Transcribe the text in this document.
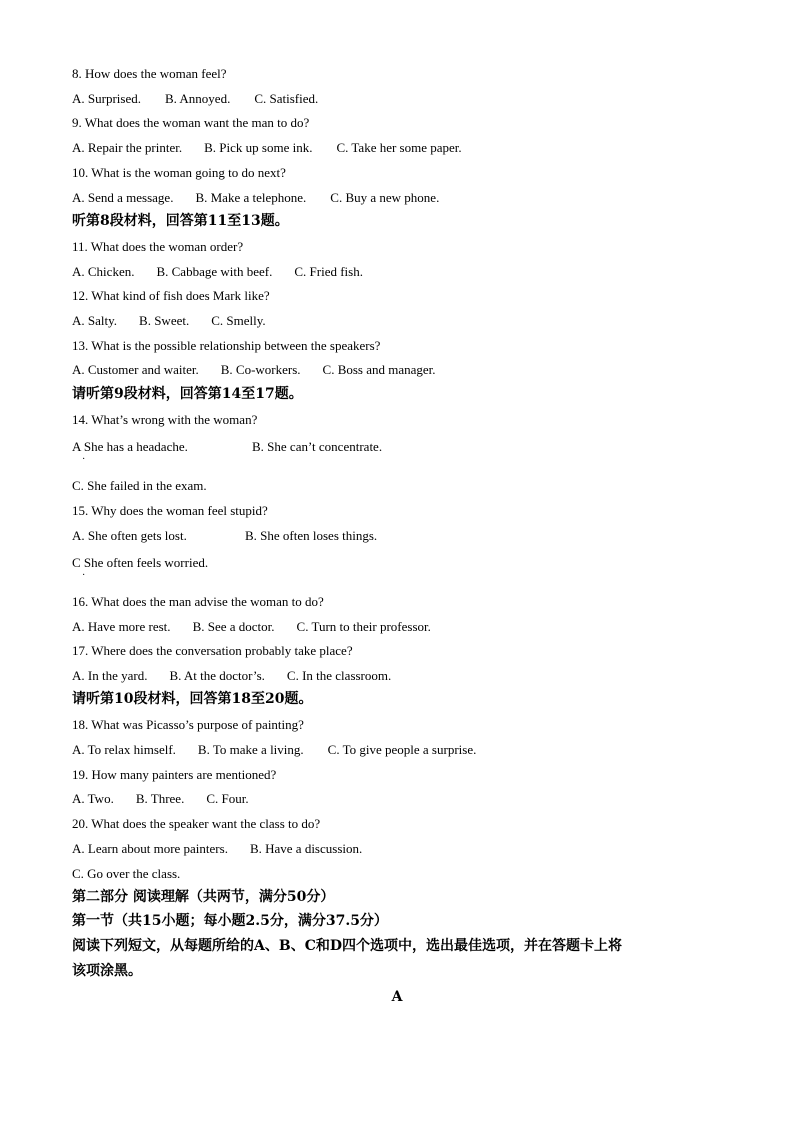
8. How does the woman feel?
A. Surprised. B. Annoyed. C. Satisfied.
9. What does the woman want the man to do?
A. Repair the printer. B. Pick up some ink. C. Take her some paper.
10. What is the woman going to do next?
A. Send a message. B. Make a telephone. C. Buy a new phone.
听第8段材料，回答第11至13题。
11. What does the woman order?
A. Chicken. B. Cabbage with beef. C. Fried fish.
12. What kind of fish does Mark like?
A. Salty. B. Sweet. C. Smelly.
13. What is the possible relationship between the speakers?
A. Customer and waiter. B. Co-workers. C. Boss and manager.
请听第9段材料，回答第14至17题。
14. What’s wrong with the woman?
A She has a headache.	B. She can’t concentrate.
·
C. She failed in the exam.
15. Why does the woman feel stupid?
A. She often gets lost.	B. She often loses things.
C She often feels worried.
·
16. What does the man advise the woman to do?
A. Have more rest. B. See a doctor. C. Turn to their professor.
17. Where does the conversation probably take place?
A. In the yard. B. At the doctor’s. C. In the classroom.
请听第10段材料，回答第18至20题。
18. What was Picasso’s purpose of painting?
A. To relax himself. B. To make a living. C. To give people a surprise.
19. How many painters are mentioned?
A. Two. B. Three. C. Four.
20. What does the speaker want the class to do?
A. Learn about more painters. B. Have a discussion.
C. Go over the class.
第二部分 阅读理解（共两节，满分50分）
第一节（共15小题；每小题2.5分，满分37.5分）
阅读下列短文，从每题所给的A、B、C和D四个选项中，选出最佳选项，并在答题卡上将
该项涂黑。
A
